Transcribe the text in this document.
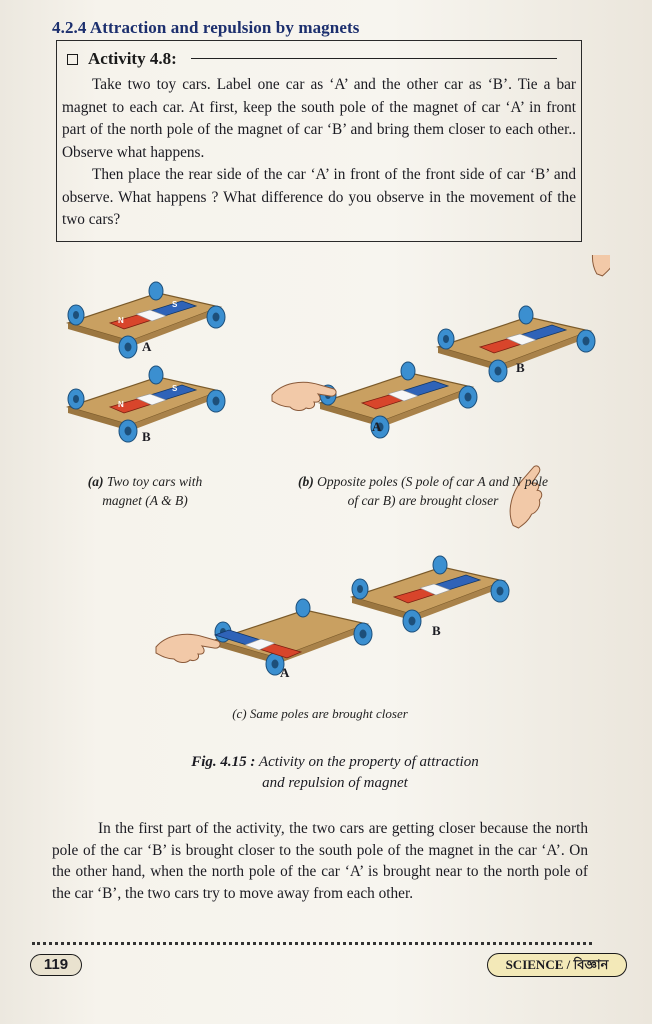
4.2.4 Attraction and repulsion by magnets
Activity 4.8:

Take two toy cars. Label one car as ‘A’ and the other car as ‘B’. Tie a bar magnet to each car. At first, keep the south pole of the magnet of car ‘A’ in front part of the north pole of the magnet of car ‘B’ and bring them closer to each other.. Observe what happens.

Then place the rear side of the car ‘A’ in front of the front side of car ‘B’ and observe. What happens ? What difference do you observe in the movement of the two cars?

N
S
N
S
A
B
B
A
B
A
(a) Two toy cars with
magnet (A & B)
(b) Opposite poles (S pole of car A and N pole
of car B) are brought closer
(c) Same poles are brought closer
Fig. 4.15 : Activity on the property of attraction
and repulsion of magnet

In the first part of the activity, the two cars are getting closer because the north pole of the car ‘B’ is brought closer to the south pole of the magnet in the car ‘A’. On the other hand, when the north pole of the car ‘A’ is brought near to the north pole of the car ‘B’, the two cars try to move away from each other.

119	SCIENCE / বিজ্ঞান
